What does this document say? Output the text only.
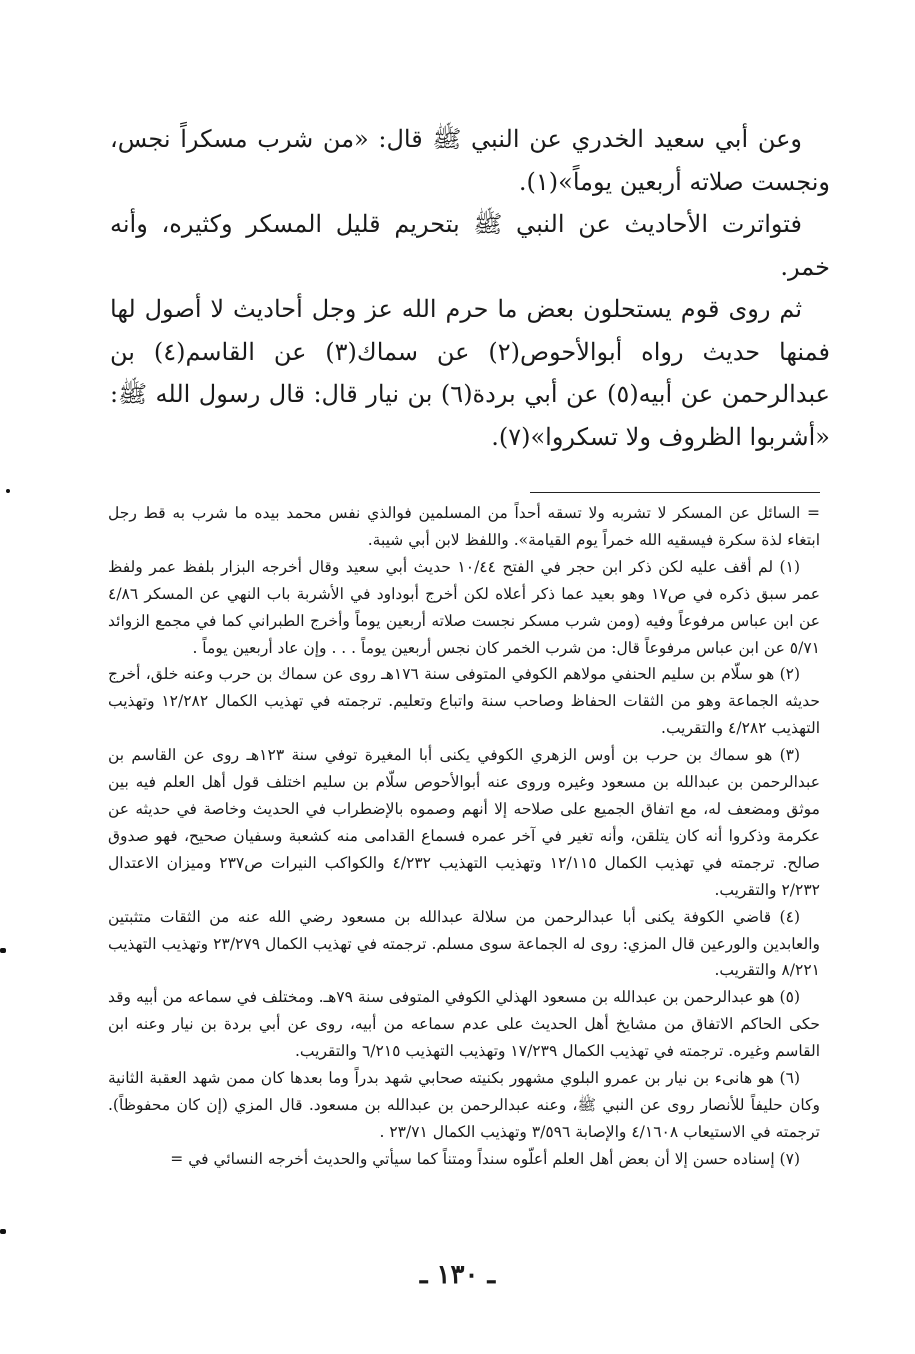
وعن أبي سعيد الخدري عن النبي ﷺ قال: «من شرب مسكراً نجس، ونجست صلاته أربعين يوماً»(١).

فتواترت الأحاديث عن النبي ﷺ بتحريم قليل المسكر وكثيره، وأنه خمر.

ثم روى قوم يستحلون بعض ما حرم الله عز وجل أحاديث لا أصول لها فمنها حديث رواه أبوالأحوص(٢) عن سماك(٣) عن القاسم(٤) بن عبدالرحمن عن أبيه(٥) عن أبي بردة(٦) بن نيار قال: قال رسول الله ﷺ: «أشربوا الظروف ولا تسكروا»(٧).

= السائل عن المسكر لا تشربه ولا تسقه أحداً من المسلمين فوالذي نفس محمد بيده ما شرب به قط رجل ابتغاء لذة سكرة فيسقيه الله خمراً يوم القيامة». واللفظ لابن أبي شيبة.

(١) لم أقف عليه لكن ذكر ابن حجر في الفتح ١٠/٤٤ حديث أبي سعيد وقال أخرجه البزار بلفظ عمر ولفظ عمر سبق ذكره في ص١٧ وهو بعيد عما ذكر أعلاه لكن أخرج أبوداود في الأشربة باب النهي عن المسكر ٤/٨٦ عن ابن عباس مرفوعاً وفيه (ومن شرب مسكر نجست صلاته أربعين يوماً وأخرج الطبراني كما في مجمع الزوائد ٥/٧١ عن ابن عباس مرفوعاً قال: من شرب الخمر كان نجس أربعين يوماً . . . وإن عاد أربعين يوماً .

(٢) هو سلّام بن سليم الحنفي مولاهم الكوفي المتوفى سنة ١٧٦هـ روى عن سماك بن حرب وعنه خلق، أخرج حديثه الجماعة وهو من الثقات الحفاظ وصاحب سنة واتباع وتعليم. ترجمته في تهذيب الكمال ١٢/٢٨٢ وتهذيب التهذيب ٤/٢٨٢ والتقريب.

(٣) هو سماك بن حرب بن أوس الزهري الكوفي يكنى أبا المغيرة توفي سنة ١٢٣هـ روى عن القاسم بن عبدالرحمن بن عبدالله بن مسعود وغيره وروى عنه أبوالأحوص سلّام بن سليم اختلف قول أهل العلم فيه بين موثق ومضعف له، مع اتفاق الجميع على صلاحه إلا أنهم وصموه بالإضطراب في الحديث وخاصة في حديثه عن عكرمة وذكروا أنه كان يتلقن، وأنه تغير في آخر عمره فسماع القدامى منه كشعبة وسفيان صحيح، فهو صدوق صالح. ترجمته في تهذيب الكمال ١٢/١١٥ وتهذيب التهذيب ٤/٢٣٢ والكواكب النيرات ص٢٣٧ وميزان الاعتدال ٢/٢٣٢ والتقريب.

(٤) قاضي الكوفة يكنى أبا عبدالرحمن من سلالة عبدالله بن مسعود رضي الله عنه من الثقات متثبتين والعابدين والورعين قال المزي: روى له الجماعة سوى مسلم. ترجمته في تهذيب الكمال ٢٣/٢٧٩ وتهذيب التهذيب ٨/٢٢١ والتقريب.

(٥) هو عبدالرحمن بن عبدالله بن مسعود الهذلي الكوفي المتوفى سنة ٧٩هـ. ومختلف في سماعه من أبيه وقد حكى الحاكم الاتفاق من مشايخ أهل الحديث على عدم سماعه من أبيه، روى عن أبي بردة بن نيار وعنه ابن القاسم وغيره. ترجمته في تهذيب الكمال ١٧/٢٣٩ وتهذيب التهذيب ٦/٢١٥ والتقريب.

(٦) هو هانىء بن نيار بن عمرو البلوي مشهور بكنيته صحابي شهد بدراً وما بعدها كان ممن شهد العقبة الثانية وكان حليفاً للأنصار روى عن النبي ﷺ، وعنه عبدالرحمن بن عبدالله بن مسعود. قال المزي (إن كان محفوظاً). ترجمته في الاستيعاب ٤/١٦٠٨ والإصابة ٣/٥٩٦ وتهذيب الكمال ٢٣/٧١ .

(٧) إسناده حسن إلا أن بعض أهل العلم أعلّوه سنداً ومتناً كما سيأتي والحديث أخرجه النسائي في =

ـ ١٣٠ ـ
